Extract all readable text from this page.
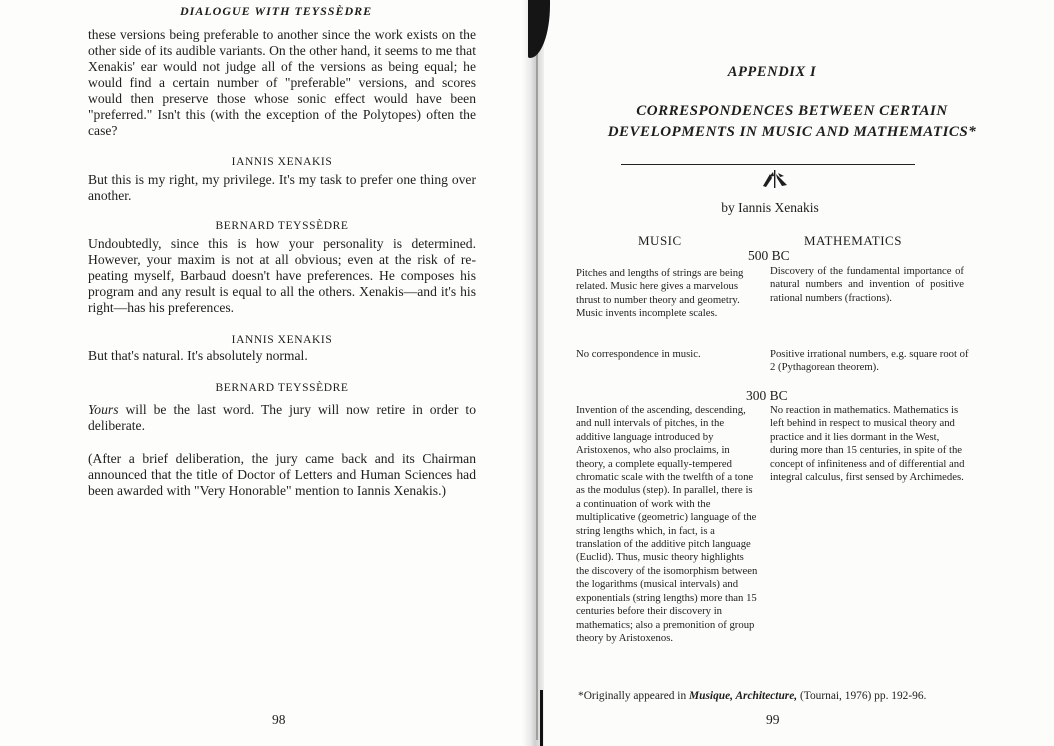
DIALOGUE WITH TEYSSÈDRE

these versions being preferable to another since the work exists on the other side of its audible variants. On the other hand, it seems to me that Xenakis' ear would not judge all of the versions as being equal; he would find a certain number of "preferable" versions, and scores would then preserve those whose sonic effect would have been "preferred." Isn't this (with the exception of the Polytopes) often the case?

IANNIS XENAKIS

But this is my right, my privilege. It's my task to prefer one thing over another.

BERNARD TEYSSÈDRE

Undoubtedly, since this is how your personality is determined. However, your maxim is not at all obvious; even at the risk of re-peating myself, Barbaud doesn't have preferences. He composes his program and any result is equal to all the others. Xenakis—and it's his right—has his preferences.

IANNIS XENAKIS

But that's natural. It's absolutely normal.

BERNARD TEYSSÈDRE

Yours will be the last word. The jury will now retire in order to deliberate.

(After a brief deliberation, the jury came back and its Chairman announced that the title of Doctor of Letters and Human Sciences had been awarded with "Very Honorable" mention to Iannis Xenakis.)

98

APPENDIX I

CORRESPONDENCES BETWEEN CERTAIN

DEVELOPMENTS IN MUSIC AND MATHEMATICS*

by Iannis Xenakis
MUSIC	MATHEMATICS
500 BC

Pitches and lengths of strings are being related. Music here gives a marvelous thrust to number theory and geometry. Music invents incomplete scales.

Discovery of the fundamental importance of natural numbers and invention of positive rational numbers (fractions).

No correspondence in music.	Positive irrational numbers, e.g. square root of 2 (Pythagorean theorem).

300 BC

Invention of the ascending, descending, and null intervals of pitches, in the additive language introduced by Aristoxenos, who also proclaims, in theory, a complete equally-tempered chromatic scale with the twelfth of a tone as the modulus (step). In parallel, there is a continuation of work with the multiplicative (geometric) language of the string lengths which, in fact, is a translation of the additive pitch language (Euclid). Thus, music theory highlights the discovery of the isomorphism between the logarithms (musical intervals) and exponentials (string lengths) more than 15 centuries before their discovery in mathematics; also a premonition of group theory by Aristoxenos.

No reaction in mathematics. Mathematics is left behind in respect to musical theory and practice and it lies dormant in the West, during more than 15 centuries, in spite of the concept of infiniteness and of differential and integral calculus, first sensed by Archimedes.

*Originally appeared in Musique, Architecture, (Tournai, 1976) pp. 192-96.
99
